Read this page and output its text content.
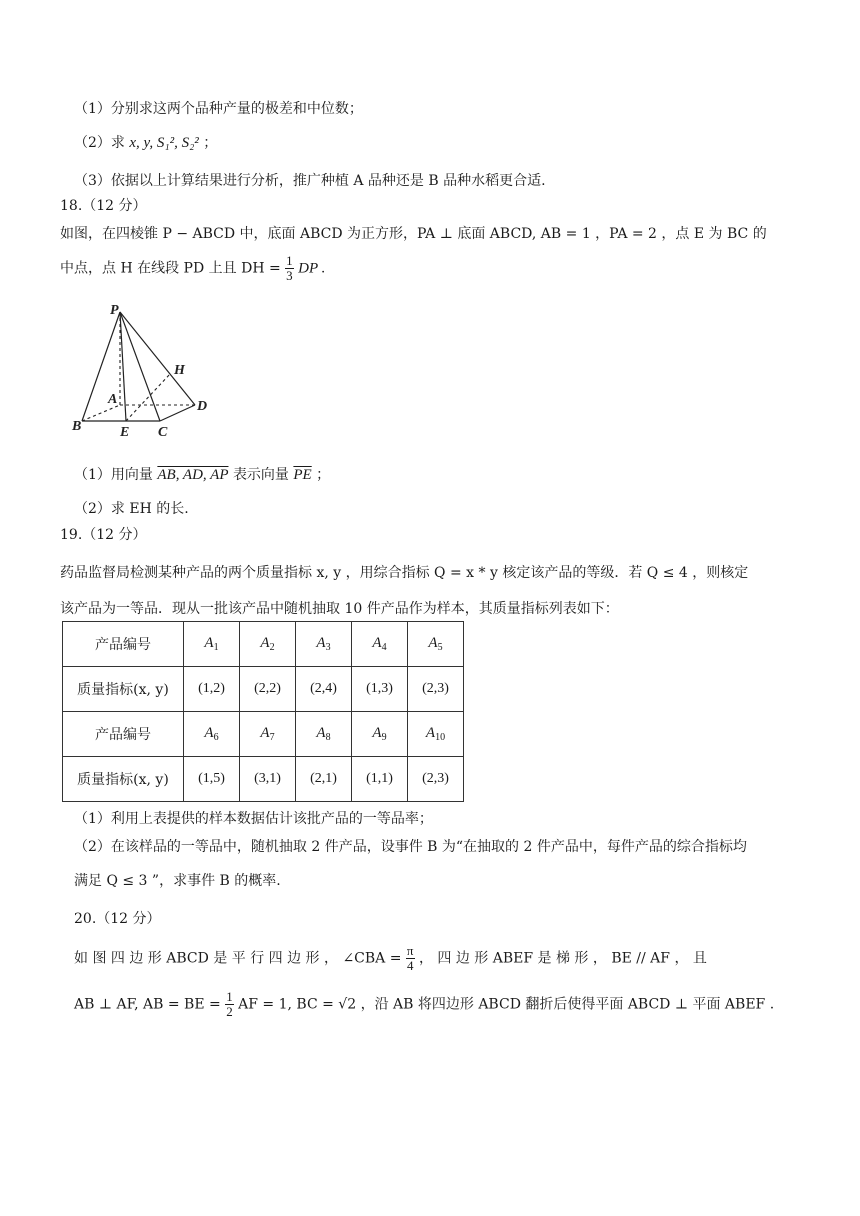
（1）分别求这两个品种产量的极差和中位数；
（2）求 x, y, S₁², S₂² ；
（3）依据以上计算结果进行分析，推广种植 A 品种还是 B 品种水稻更合适.
18.（12 分）
如图，在四棱锥 P − ABCD 中，底面 ABCD 为正方形，PA ⊥ 底面 ABCD, AB = 1 ，PA = 2 ，点 E 为 BC 的
中点，点 H 在线段 PD 上且 DH = $\frac{1}{3}$ DP .
P
H
A	D
B	E C
（1）用向量 AB, AD, AP 表示向量 $\overline{PE}$ ；
（2）求 EH 的长.
19.（12 分）
药品监督局检测某种产品的两个质量指标 x, y ，用综合指标 Q = x * y 核定该产品的等级．若 Q ≤ 4 ，则核定
该产品为一等品．现从一批该产品中随机抽取 10 件产品作为样本，其质量指标列表如下：
产品编号	$A_1$	$A_2$	$A_3$	$A_4$	$A_5$
质量指标(x, y)	(1,2)	(2,2)	(2,4)	(1,3)	(2,3)
产品编号	$A_6$	$A_7$	$A_8$	$A_9$	$A_{10}$
质量指标(x, y)	(1,5)	(3,1)	(2,1)	(1,1)	(2,3)
（1）利用上表提供的样本数据估计该批产品的一等品率；
（2）在该样品的一等品中，随机抽取 2 件产品，设事件 B 为“在抽取的 2 件产品中，每件产品的综合指标均
满足 Q ≤ 3 ”，求事件 B 的概率.
20.（12 分）
如 图 四 边 形 ABCD 是 平 行 四 边 形 ， ∠CBA = $\frac{\pi}{4}$ ， 四 边 形 ABEF 是 梯 形 ， BE // AF ， 且
AB ⊥ AF, AB = BE = $\frac{1}{2}$ AF = 1, BC = √2 ，沿 AB 将四边形 ABCD 翻折后使得平面 ABCD ⊥ 平面 ABEF .
